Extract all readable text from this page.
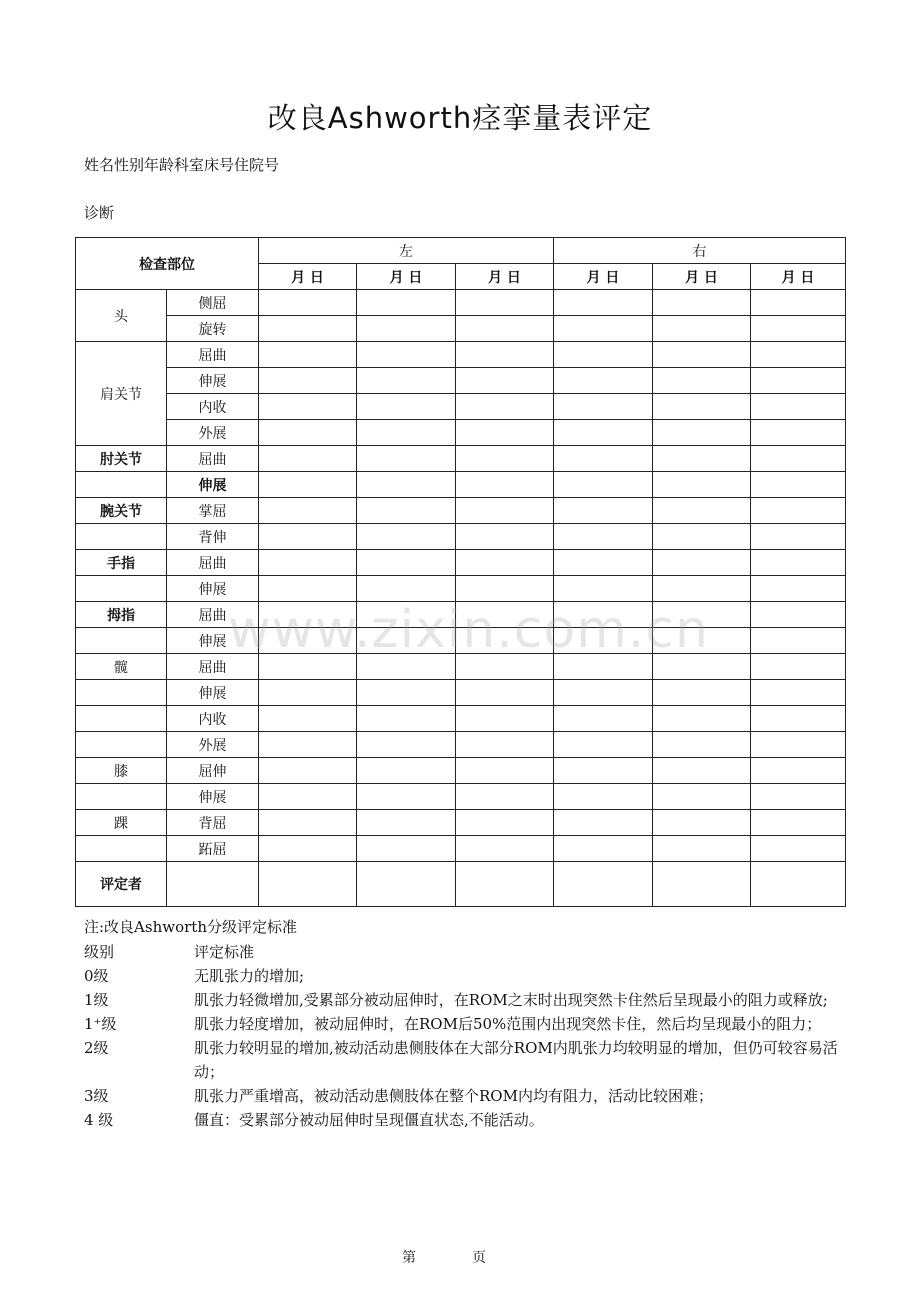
改良Ashworth痉挛量表评定
姓名性别年龄科室床号住院号
诊断
检查部位		左			右		
		月 日	月 日	月 日	月 日	月 日	月 日
头	侧屈						
	旋转						
肩关节	屈曲						
	伸展						
	内收						
	外展						
肘关节	屈曲						
	伸展						
腕关节	掌屈						
	背伸						
手指	屈曲						
	伸展						
拇指	屈曲						
	伸展						
髋	屈曲						
	伸展						
	内收						
	外展						
膝	屈伸						
	伸展						
踝	背屈						
	跖屈						
评定者							
www.zixin.com.cn
注:改良Ashworth分级评定标准
级别	评定标准
0级	无肌张力的增加;
1级	肌张力轻微增加,受累部分被动屈伸时，在ROM之末时出现突然卡住然后呈现最小的阻力或释放;
1⁺级	肌张力轻度增加，被动屈伸时，在ROM后50%范围内出现突然卡住，然后均呈现最小的阻力；
2级	肌张力较明显的增加,被动活动患侧肢体在大部分ROM内肌张力均较明显的增加，但仍可较容易活动；
3级	肌张力严重增高，被动活动患侧肢体在整个ROM内均有阻力，活动比较困难；
4 级	僵直：受累部分被动屈伸时呈现僵直状态,不能活动。
第	页
